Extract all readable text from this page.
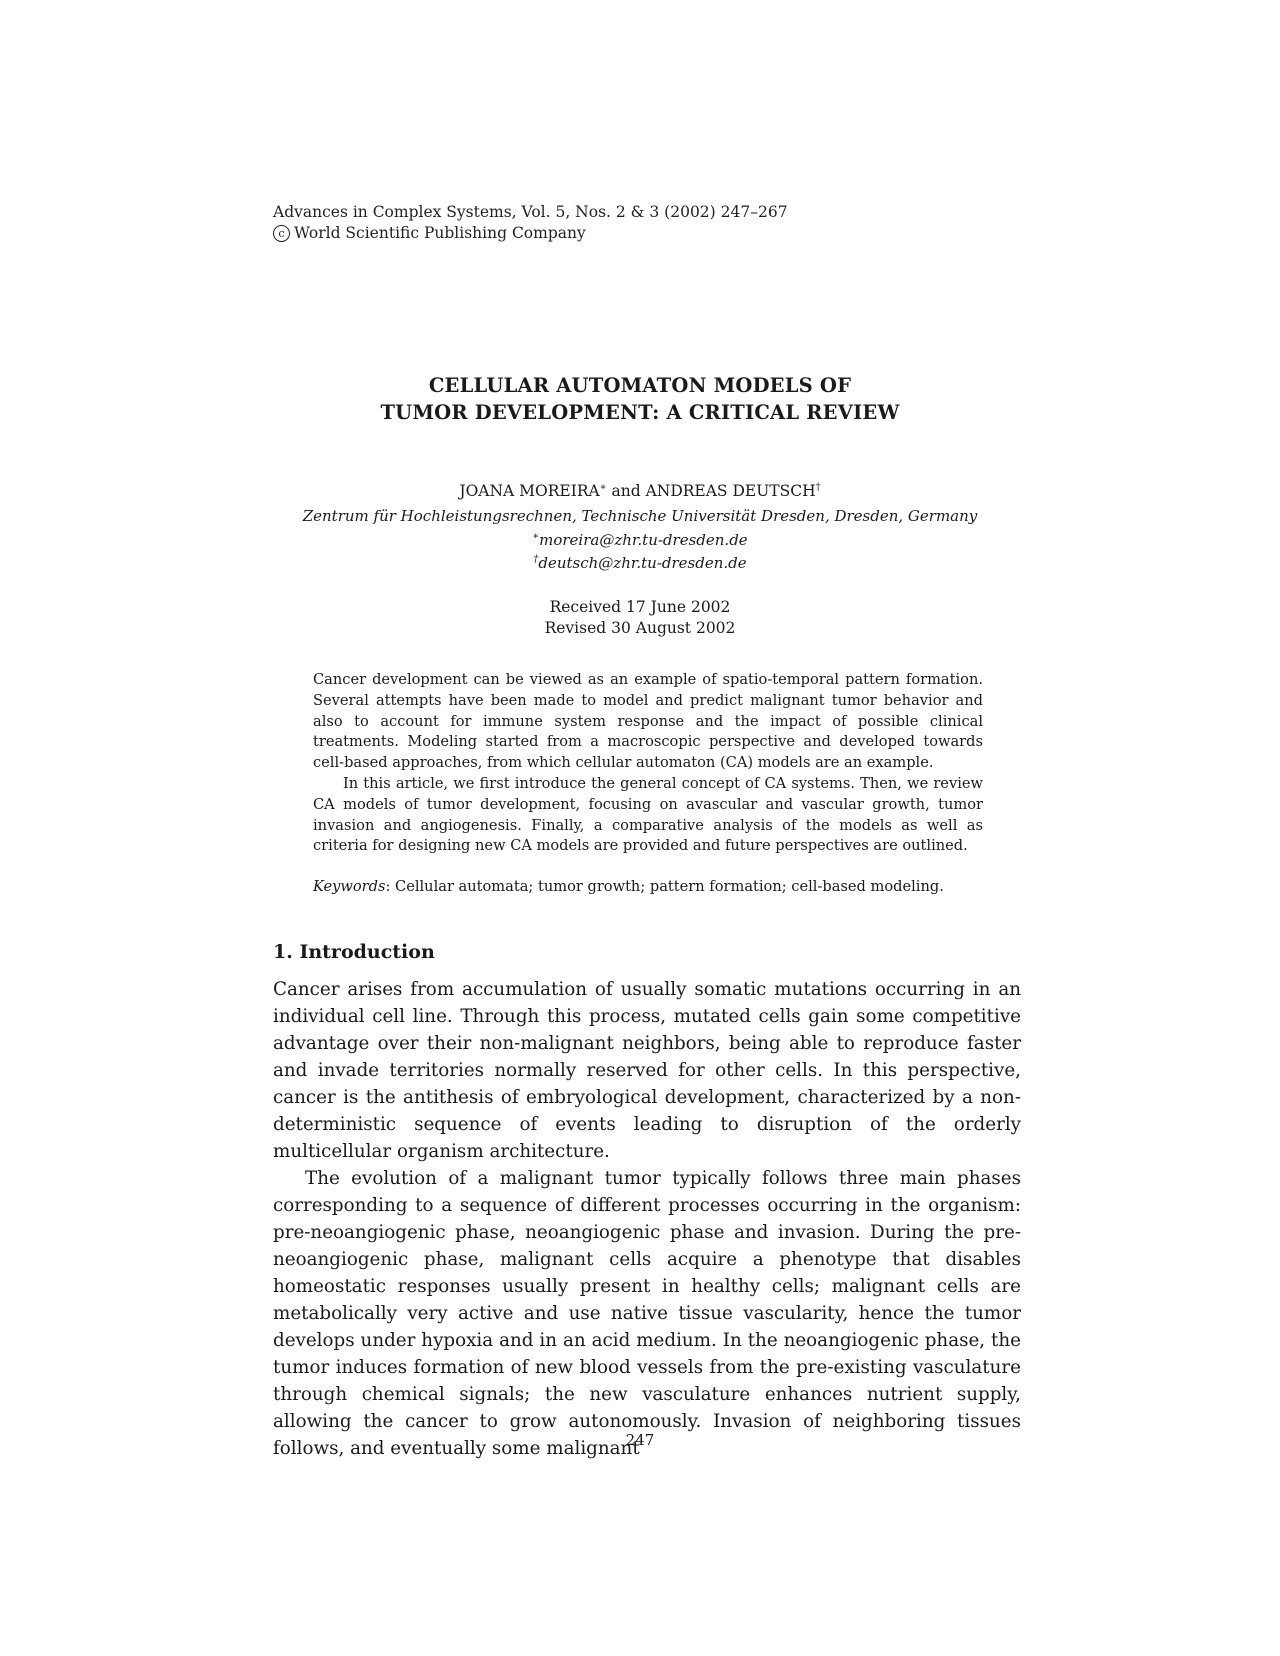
Advances in Complex Systems, Vol. 5, Nos. 2 & 3 (2002) 247–267
c World Scientific Publishing Company
CELLULAR AUTOMATON MODELS OF
TUMOR DEVELOPMENT: A CRITICAL REVIEW
JOANA MOREIRA∗ and ANDREAS DEUTSCH†
Zentrum für Hochleistungsrechnen, Technische Universität Dresden, Dresden, Germany
∗moreira@zhr.tu-dresden.de
†deutsch@zhr.tu-dresden.de
Received 17 June 2002
Revised 30 August 2002

Cancer development can be viewed as an example of spatio-temporal pattern formation. Several attempts have been made to model and predict malignant tumor behavior and also to account for immune system response and the impact of possible clinical treatments. Modeling started from a macroscopic perspective and developed towards cell-based approaches, from which cellular automaton (CA) models are an example.

In this article, we first introduce the general concept of CA systems. Then, we review CA models of tumor development, focusing on avascular and vascular growth, tumor invasion and angiogenesis. Finally, a comparative analysis of the models as well as criteria for designing new CA models are provided and future perspectives are outlined.

Keywords: Cellular automata; tumor growth; pattern formation; cell-based modeling.
1. Introduction

Cancer arises from accumulation of usually somatic mutations occurring in an individual cell line. Through this process, mutated cells gain some competitive advantage over their non-malignant neighbors, being able to reproduce faster and invade territories normally reserved for other cells. In this perspective, cancer is the antithesis of embryological development, characterized by a non-deterministic sequence of events leading to disruption of the orderly multicellular organism architecture.

The evolution of a malignant tumor typically follows three main phases corresponding to a sequence of different processes occurring in the organism: pre-neoangiogenic phase, neoangiogenic phase and invasion. During the pre-neoangiogenic phase, malignant cells acquire a phenotype that disables homeostatic responses usually present in healthy cells; malignant cells are metabolically very active and use native tissue vascularity, hence the tumor develops under hypoxia and in an acid medium. In the neoangiogenic phase, the tumor induces formation of new blood vessels from the pre-existing vasculature through chemical signals; the new vasculature enhances nutrient supply, allowing the cancer to grow autonomously. Invasion of neighboring tissues follows, and eventually some malignant

247
